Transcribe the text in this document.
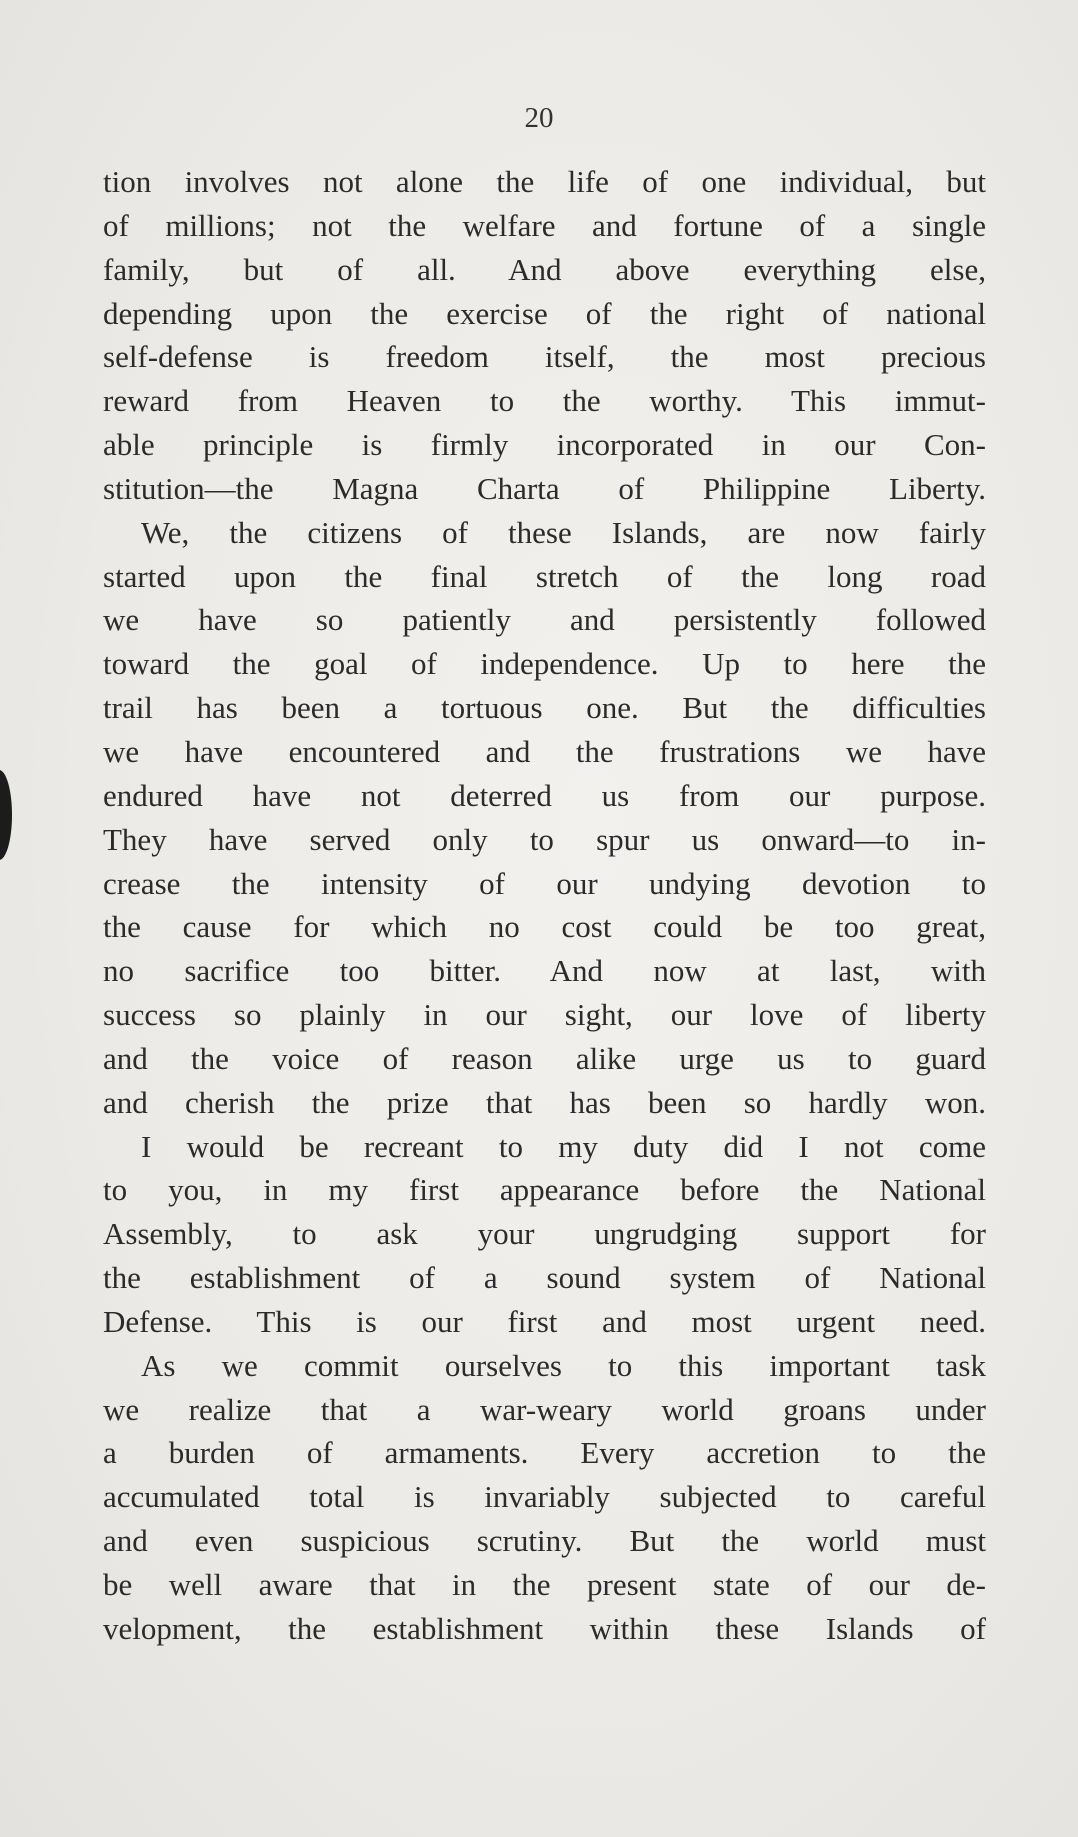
20

tion involves not alone the life of one individual, but
of millions; not the welfare and fortune of a single
family, but of all. And above everything else,
depending upon the exercise of the right of national
self-defense is freedom itself, the most precious
reward from Heaven to the worthy. This immut-
able principle is firmly incorporated in our Con-
stitution—the Magna Charta of Philippine Liberty.
We, the citizens of these Islands, are now fairly
started upon the final stretch of the long road
we have so patiently and persistently followed
toward the goal of independence. Up to here the
trail has been a tortuous one. But the difficulties
we have encountered and the frustrations we have
endured have not deterred us from our purpose.
They have served only to spur us onward—to in-
crease the intensity of our undying devotion to
the cause for which no cost could be too great,
no sacrifice too bitter. And now at last, with
success so plainly in our sight, our love of liberty
and the voice of reason alike urge us to guard
and cherish the prize that has been so hardly won.
I would be recreant to my duty did I not come
to you, in my first appearance before the National
Assembly, to ask your ungrudging support for
the establishment of a sound system of National
Defense. This is our first and most urgent need.
As we commit ourselves to this important task
we realize that a war-weary world groans under
a burden of armaments. Every accretion to the
accumulated total is invariably subjected to careful
and even suspicious scrutiny. But the world must
be well aware that in the present state of our de-
velopment, the establishment within these Islands of
